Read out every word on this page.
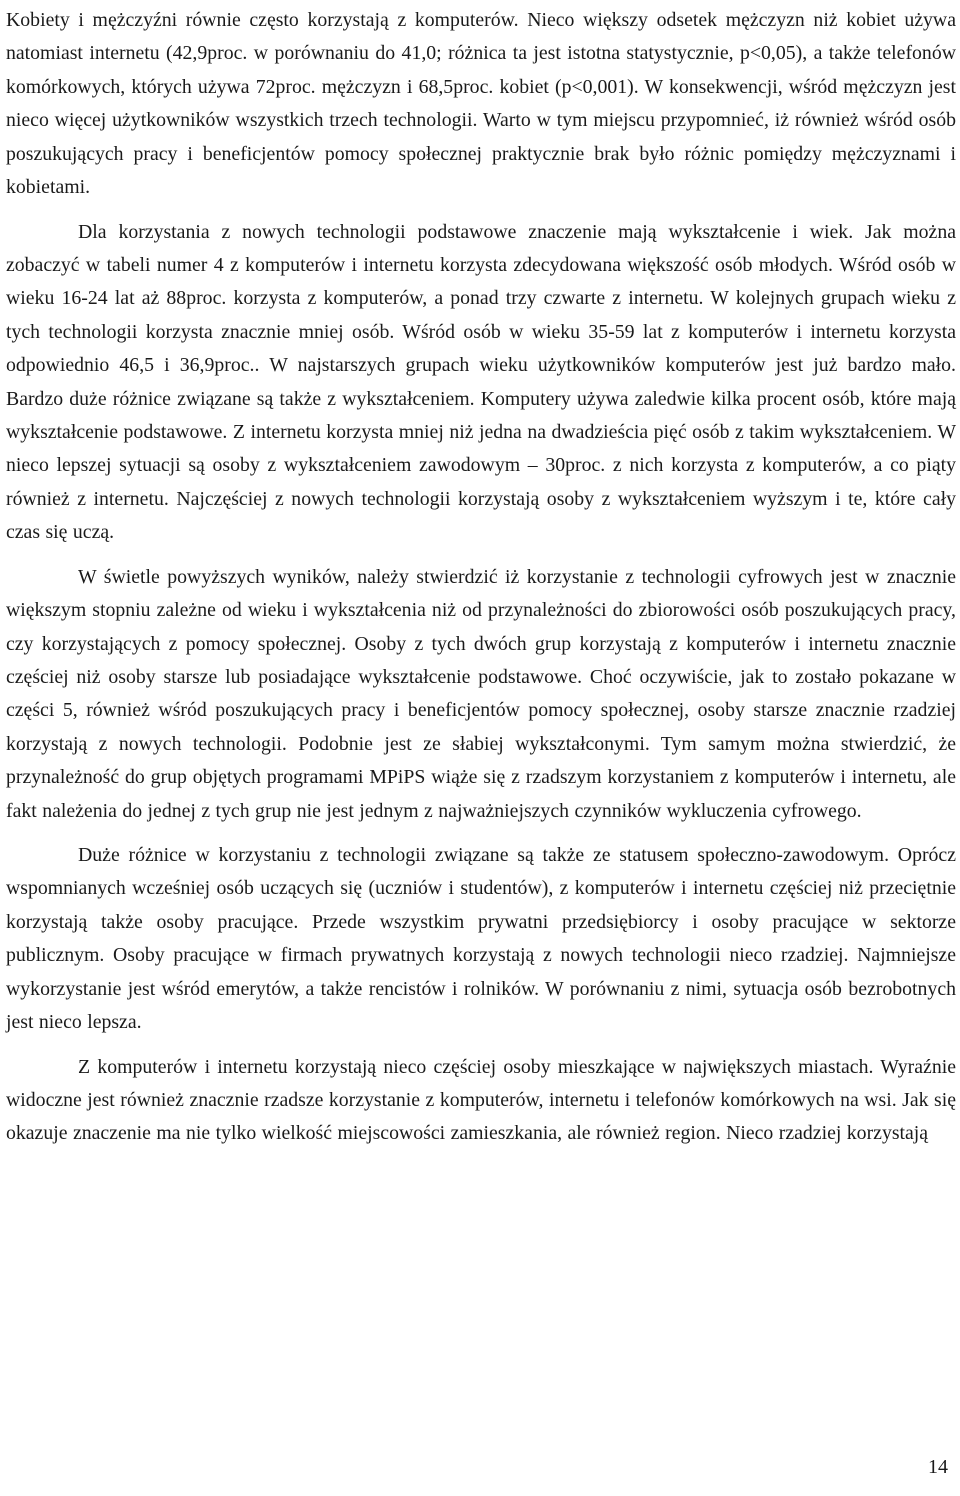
Kobiety i mężczyźni równie często korzystają z komputerów. Nieco większy odsetek mężczyzn niż kobiet używa natomiast internetu (42,9proc. w porównaniu do 41,0; różnica ta jest istotna statystycznie, p<0,05), a także telefonów komórkowych, których używa 72proc. mężczyzn i 68,5proc. kobiet (p<0,001). W konsekwencji, wśród mężczyzn jest nieco więcej użytkowników wszystkich trzech technologii. Warto w tym miejscu przypomnieć, iż również wśród osób poszukujących pracy i beneficjentów pomocy społecznej praktycznie brak było różnic pomiędzy mężczyznami i kobietami.

Dla korzystania z nowych technologii podstawowe znaczenie mają wykształcenie i wiek. Jak można zobaczyć w tabeli numer 4 z komputerów i internetu korzysta zdecydowana większość osób młodych. Wśród osób w wieku 16-24 lat aż 88proc. korzysta z komputerów, a ponad trzy czwarte z internetu. W kolejnych grupach wieku z tych technologii korzysta znacznie mniej osób. Wśród osób w wieku 35-59 lat z komputerów i internetu korzysta odpowiednio 46,5 i 36,9proc.. W najstarszych grupach wieku użytkowników komputerów jest już bardzo mało. Bardzo duże różnice związane są także z wykształceniem. Komputery używa zaledwie kilka procent osób, które mają wykształcenie podstawowe. Z internetu korzysta mniej niż jedna na dwadzieścia pięć osób z takim wykształceniem. W nieco lepszej sytuacji są osoby z wykształceniem zawodowym – 30proc. z nich korzysta z komputerów, a co piąty również z internetu. Najczęściej z nowych technologii korzystają osoby z wykształceniem wyższym i te, które cały czas się uczą.

W świetle powyższych wyników, należy stwierdzić iż korzystanie z technologii cyfrowych jest w znacznie większym stopniu zależne od wieku i wykształcenia niż od przynależności do zbiorowości osób poszukujących pracy, czy korzystających z pomocy społecznej. Osoby z tych dwóch grup korzystają z komputerów i internetu znacznie częściej niż osoby starsze lub posiadające wykształcenie podstawowe. Choć oczywiście, jak to zostało pokazane w części 5, również wśród poszukujących pracy i beneficjentów pomocy społecznej, osoby starsze znacznie rzadziej korzystają z nowych technologii. Podobnie jest ze słabiej wykształconymi. Tym samym można stwierdzić, że przynależność do grup objętych programami MPiPS wiąże się z rzadszym korzystaniem z komputerów i internetu, ale fakt należenia do jednej z tych grup nie jest jednym z najważniejszych czynników wykluczenia cyfrowego.

Duże różnice w korzystaniu z technologii związane są także ze statusem społeczno-zawodowym. Oprócz wspomnianych wcześniej osób uczących się (uczniów i studentów), z komputerów i internetu częściej niż przeciętnie korzystają także osoby pracujące. Przede wszystkim prywatni przedsiębiorcy i osoby pracujące w sektorze publicznym. Osoby pracujące w firmach prywatnych korzystają z nowych technologii nieco rzadziej. Najmniejsze wykorzystanie jest wśród emerytów, a także rencistów i rolników. W porównaniu z nimi, sytuacja osób bezrobotnych jest nieco lepsza.

Z komputerów i internetu korzystają nieco częściej osoby mieszkające w największych miastach. Wyraźnie widoczne jest również znacznie rzadsze korzystanie z komputerów, internetu i telefonów komórkowych na wsi. Jak się okazuje znaczenie ma nie tylko wielkość miejscowości zamieszkania, ale również region. Nieco rzadziej korzystają

14
